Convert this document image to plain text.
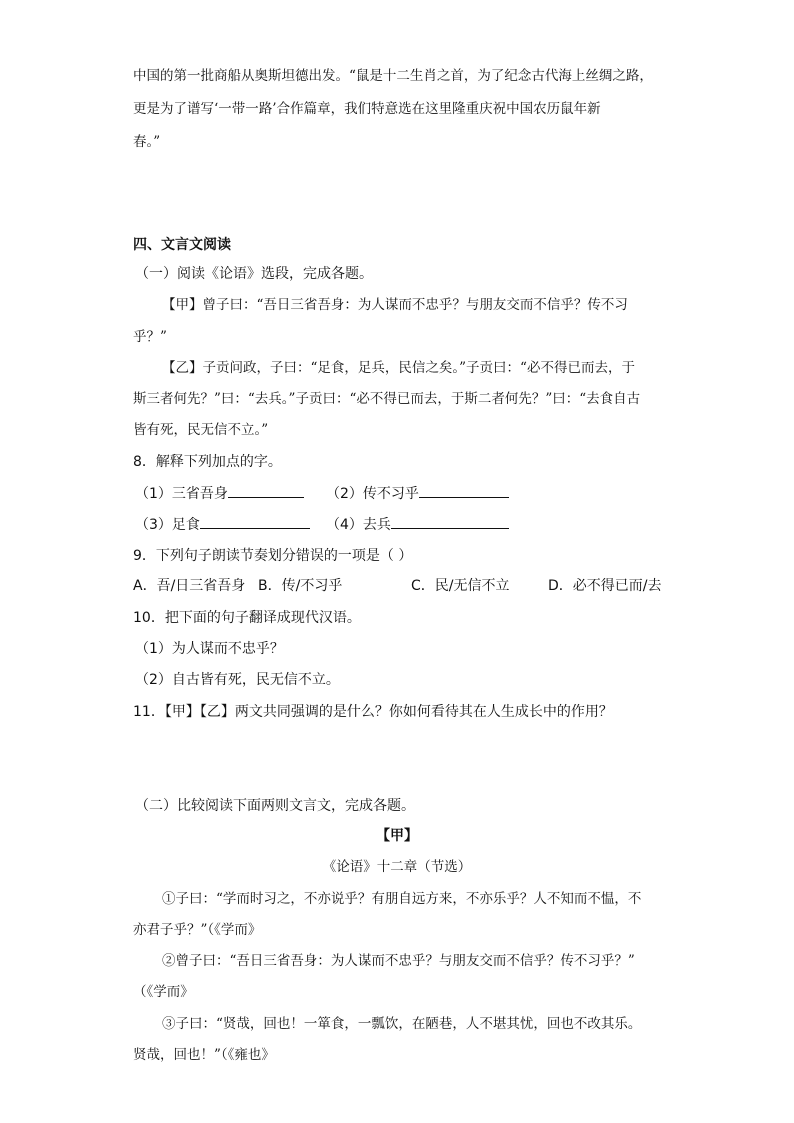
中国的第一批商船从奥斯坦德出发。“鼠是十二生肖之首，为了纪念古代海上丝绸之路，
更是为了谱写‘一带一路’合作篇章，我们特意选在这里隆重庆祝中国农历鼠年新
春。”
四、文言文阅读
（一）阅读《论语》选段，完成各题。
【甲】曾子曰：“吾日三省吾身：为人谋而不忠乎？与朋友交而不信乎？传不习
乎？”
【乙】子贡问政，子曰：“足食，足兵，民信之矣。”子贡曰：“必不得已而去，于
斯三者何先？”曰：“去兵。”子贡曰：“必不得已而去，于斯二者何先？”曰：“去食自古
皆有死，民无信不立。”
8．解释下列加点的字。
（1）三省吾身	（2）传不习乎
（3）足食	（4）去兵
9．下列句子朗读节奏划分错误的一项是（ ）
A．吾/日三省吾身 B．传/不习乎	C．民/无信不立	D．必不得已而/去
10．把下面的句子翻译成现代汉语。
（1）为人谋而不忠乎？
（2）自古皆有死，民无信不立。
11．【甲】【乙】两文共同强调的是什么？你如何看待其在人生成长中的作用？
（二）比较阅读下面两则文言文，完成各题。
【甲】
《论语》十二章（节选）
①子曰：“学而时习之，不亦说乎？有朋自远方来，不亦乐乎？人不知而不愠，不
亦君子乎？”（《学而》
②曾子曰：“吾日三省吾身：为人谋而不忠乎？与朋友交而不信乎？传不习乎？”
（《学而》
③子曰：“贤哉，回也！一箪食，一瓢饮，在陋巷，人不堪其忧，回也不改其乐。
贤哉，回也！”（《雍也》
